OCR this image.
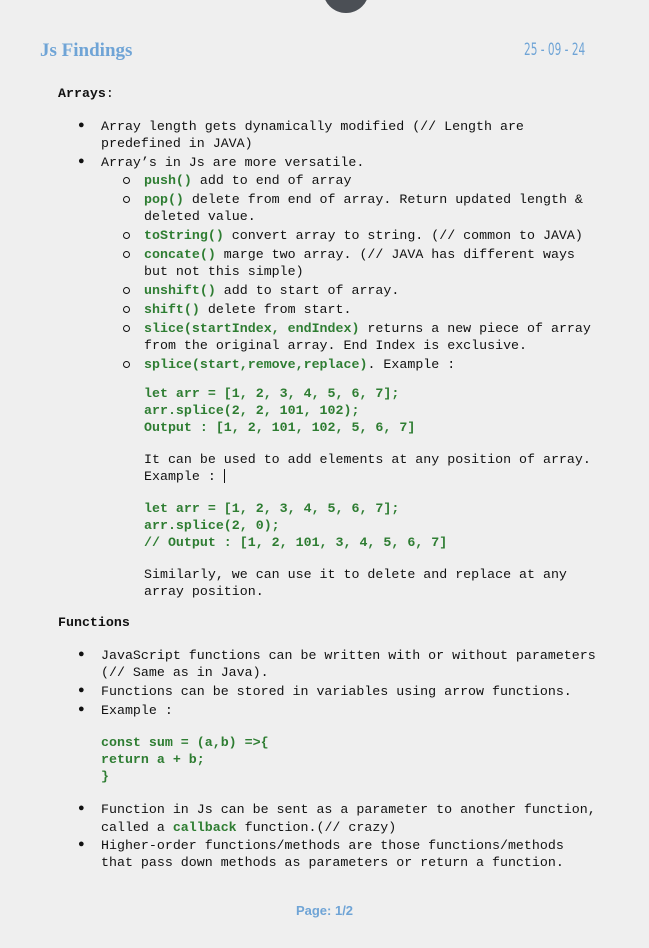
Js Findings	25 - 09 - 24
Arrays:
● Array length gets dynamically modified (// Length are
predefined in JAVA)
● Array’s in Js are more versatile.
push() add to end of array
pop() delete from end of array. Return updated length &
deleted value.
toString() convert array to string. (// common to JAVA)
concate() marge two array. (// JAVA has different ways
but not this simple)
unshift() add to start of array.
shift() delete from start.
slice(startIndex, endIndex) returns a new piece of array
from the original array. End Index is exclusive.
splice(start,remove,replace). Example :
let arr = [1, 2, 3, 4, 5, 6, 7];
arr.splice(2, 2, 101, 102);
Output : [1, 2, 101, 102, 5, 6, 7]
It can be used to add elements at any position of array.
Example :
let arr = [1, 2, 3, 4, 5, 6, 7];
arr.splice(2, 0);
// Output : [1, 2, 101, 3, 4, 5, 6, 7]
Similarly, we can use it to delete and replace at any
array position.
Functions
● JavaScript functions can be written with or without parameters
(// Same as in Java).
● Functions can be stored in variables using arrow functions.
● Example :
const sum = (a,b) =>{
return a + b;
}
● Function in Js can be sent as a parameter to another function,
called a callback function.(// crazy)
● Higher-order functions/methods are those functions/methods
that pass down methods as parameters or return a function.
Page: 1/2
